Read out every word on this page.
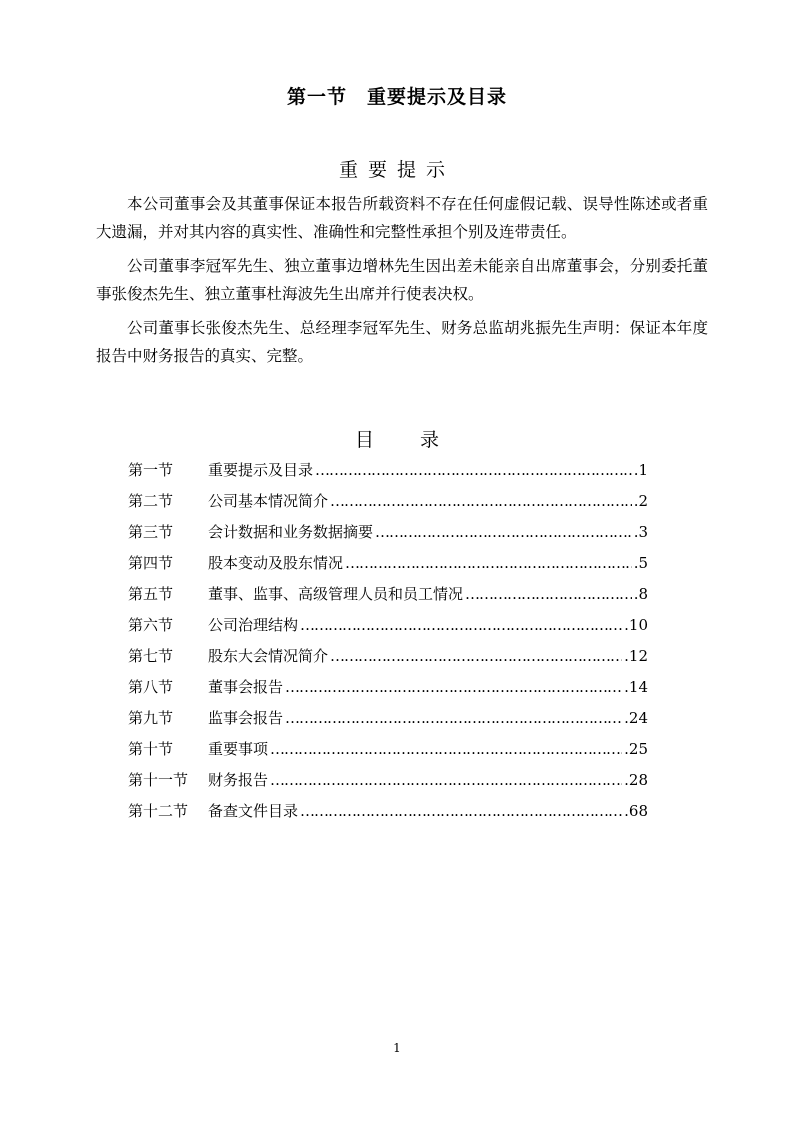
第一节 重要提示及目录
重要提示

本公司董事会及其董事保证本报告所载资料不存在任何虚假记载、误导性陈述或者重大遗漏，并对其内容的真实性、准确性和完整性承担个别及连带责任。

公司董事李冠军先生、独立董事边增林先生因出差未能亲自出席董事会，分别委托董事张俊杰先生、独立董事杜海波先生出席并行使表决权。

公司董事长张俊杰先生、总经理李冠军先生、财务总监胡兆振先生声明：保证本年度报告中财务报告的真实、完整。

目 录
第一节	重要提示及目录 ……………………………………………………………………………………………………………………………………………………	.1
第二节	公司基本情况简介 ……………………………………………………………………………………………………………………………………………………	.2
第三节	会计数据和业务数据摘要 ……………………………………………………………………………………………………………………………………………………	.3
第四节	股本变动及股东情况 ……………………………………………………………………………………………………………………………………………………	.5
第五节	董事、监事、高级管理人员和员工情况 ……………………………………………………………………………………………………………………………………………………	.8
第六节	公司治理结构 ……………………………………………………………………………………………………………………………………………………	.10
第七节	股东大会情况简介 ……………………………………………………………………………………………………………………………………………………	.12
第八节	董事会报告 ……………………………………………………………………………………………………………………………………………………	.14
第九节	监事会报告 ……………………………………………………………………………………………………………………………………………………	.24
第十节	重要事项 ……………………………………………………………………………………………………………………………………………………	.25
第十一节	财务报告 ……………………………………………………………………………………………………………………………………………………	.28
第十二节	备查文件目录 ……………………………………………………………………………………………………………………………………………………	.68
1
